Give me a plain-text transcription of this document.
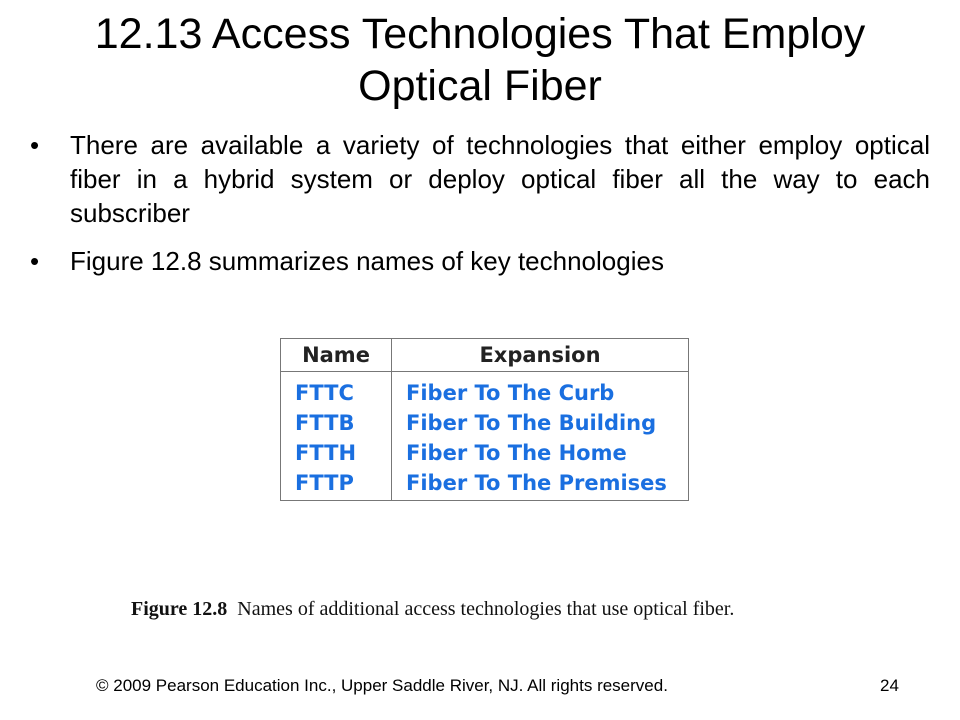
12.13 Access Technologies That Employ
Optical Fiber
•	There are available a variety of technologies that either employ optical fiber in a hybrid system or deploy optical fiber all the way to each subscriber
•	Figure 12.8 summarizes names of key technologies
Name	Expansion
FTTC	Fiber To The Curb
FTTB	Fiber To The Building
FTTH	Fiber To The Home
FTTP	Fiber To The Premises
Figure 12.8 Names of additional access technologies that use optical fiber.
© 2009 Pearson Education Inc., Upper Saddle River, NJ. All rights reserved.	24
